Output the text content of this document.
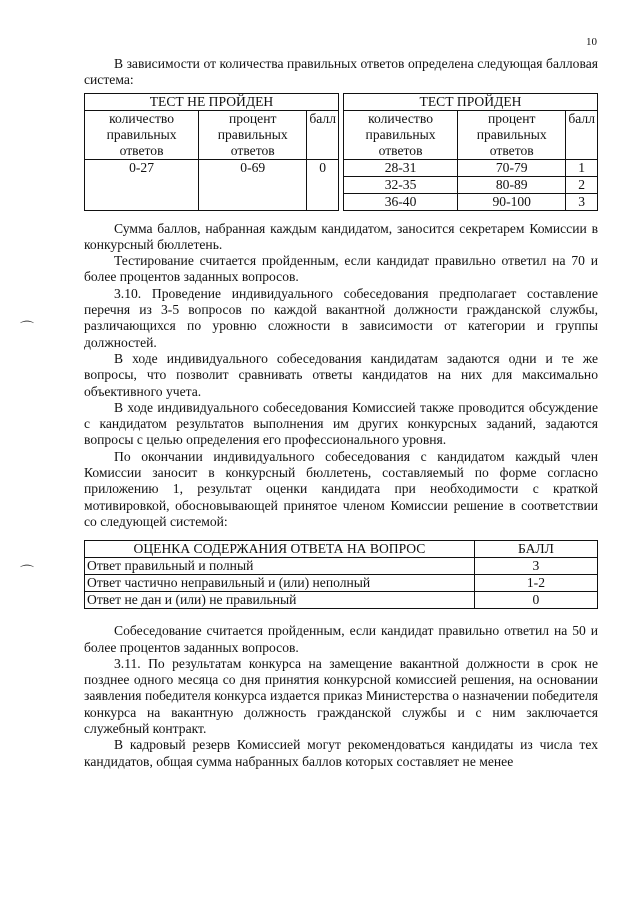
10
⌒
⌒

В зависимости от количества правильных ответов определена следующая балловая система:

ТЕСТ НЕ ПРОЙДЕН				ТЕСТ ПРОЙДЕН		
количество правильных ответов	процент правильных ответов	балл		количество правильных ответов	процент правильных ответов	балл
0-27	0-69	0		28-31	70-79	1
				32-35	80-89	2
				36-40	90-100	3

Сумма баллов, набранная каждым кандидатом, заносится секретарем Комиссии в конкурсный бюллетень.

Тестирование считается пройденным, если кандидат правильно ответил на 70 и более процентов заданных вопросов.

3.10. Проведение индивидуального собеседования предполагает составление перечня из 3-5 вопросов по каждой вакантной должности гражданской службы, различающихся по уровню сложности в зависимости от категории и группы должностей.

В ходе индивидуального собеседования кандидатам задаются одни и те же вопросы, что позволит сравнивать ответы кандидатов на них для максимально объективного учета.

В ходе индивидуального собеседования Комиссией также проводится обсуждение с кандидатом результатов выполнения им других конкурсных заданий, задаются вопросы с целью определения его профессионального уровня.

По окончании индивидуального собеседования с кандидатом каждый член Комиссии заносит в конкурсный бюллетень, составляемый по форме согласно приложению 1, результат оценки кандидата при необходимости с краткой мотивировкой, обосновывающей принятое членом Комиссии решение в соответствии со следующей системой:

ОЦЕНКА СОДЕРЖАНИЯ ОТВЕТА НА ВОПРОС	БАЛЛ
Ответ правильный и полный	3
Ответ частично неправильный и (или) неполный	1-2
Ответ не дан и (или) не правильный	0

Собеседование считается пройденным, если кандидат правильно ответил на 50 и более процентов заданных вопросов.

3.11. По результатам конкурса на замещение вакантной должности в срок не позднее одного месяца со дня принятия конкурсной комиссией решения, на основании заявления победителя конкурса издается приказ Министерства о назначении победителя конкурса на вакантную должность гражданской службы и с ним заключается служебный контракт.

В кадровый резерв Комиссией могут рекомендоваться кандидаты из числа тех кандидатов, общая сумма набранных баллов которых составляет не менее
